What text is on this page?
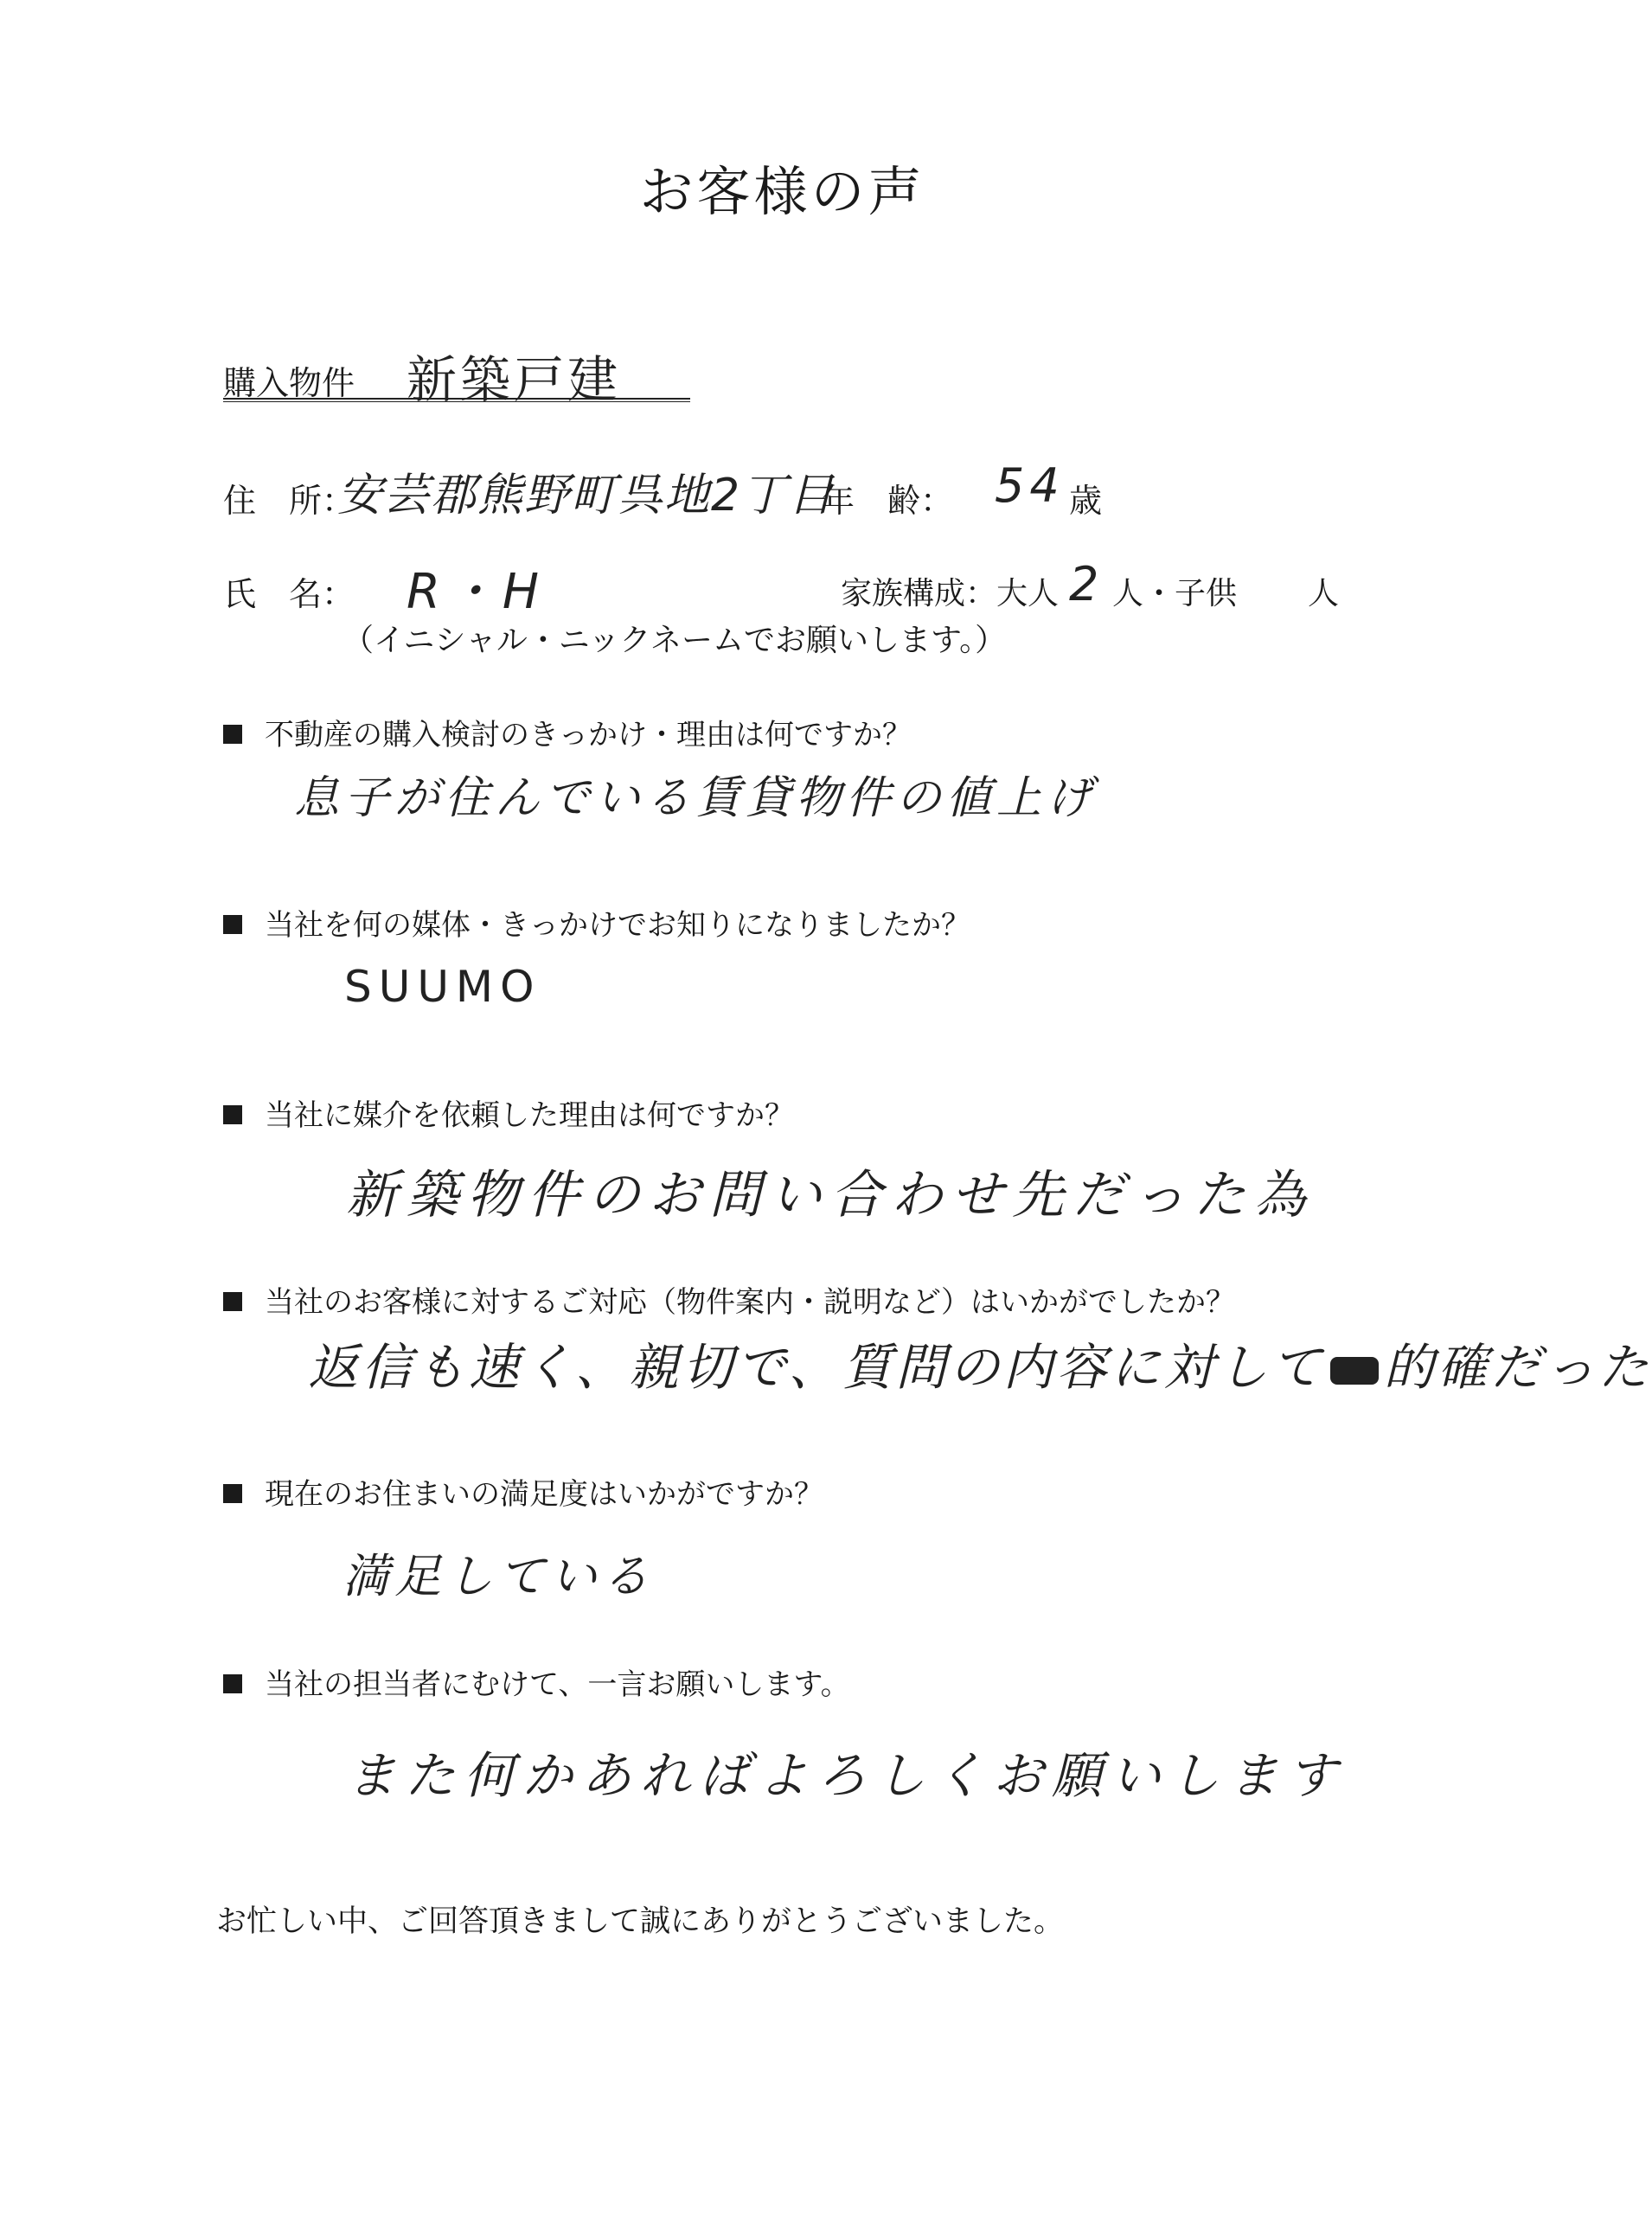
お客様の声
購入物件 新築戸建
住　所：
安芸郡熊野町呉地2丁目
年　齢： 54 歳
氏　名： R・H	家族構成：大人 2 人・子供 人
（イニシャル・ニックネームでお願いします。）
不動産の購入検討のきっかけ・理由は何ですか？
息子が住んでいる賃貸物件の値上げ
当社を何の媒体・きっかけでお知りになりましたか？
SUUMO
当社に媒介を依頼した理由は何ですか？
新築物件のお問い合わせ先だった為
当社のお客様に対するご対応（物件案内・説明など）はいかがでしたか？
返信も速く、親切で、質問の内容に対して 的確だった
現在のお住まいの満足度はいかがですか？
満足している
当社の担当者にむけて、一言お願いします。
また何かあればよろしくお願いします
お忙しい中、ご回答頂きまして誠にありがとうございました。
